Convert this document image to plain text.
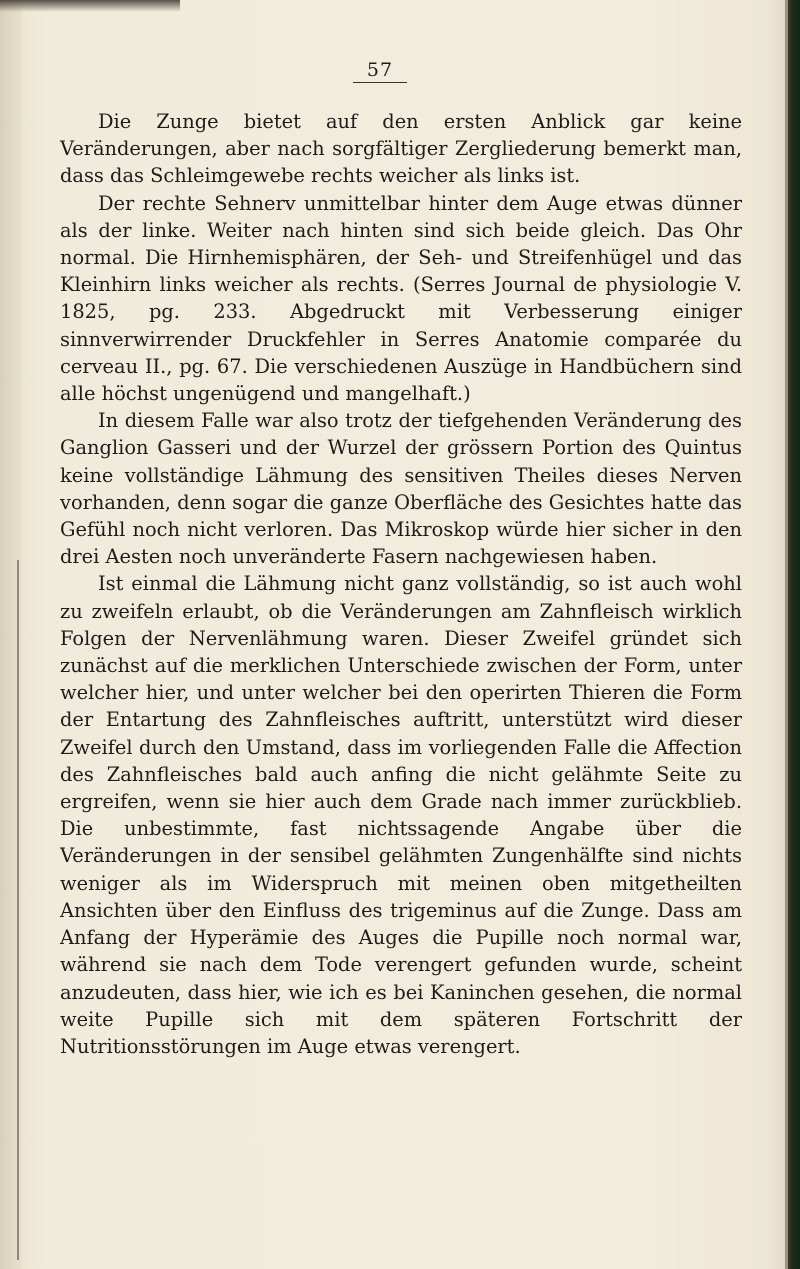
57

Die Zunge bietet auf den ersten Anblick gar keine Veränderungen, aber nach sorgfältiger Zergliederung bemerkt man, dass das Schleimgewebe rechts weicher als links ist.

Der rechte Sehnerv unmittelbar hinter dem Auge etwas dünner als der linke. Weiter nach hinten sind sich beide gleich. Das Ohr normal. Die Hirnhemisphären, der Seh- und Streifenhügel und das Kleinhirn links weicher als rechts. (Serres Journal de physiologie V. 1825, pg. 233. Abgedruckt mit Verbesserung einiger sinnverwirrender Druckfehler in Serres Anatomie comparée du cerveau II., pg. 67. Die verschiedenen Auszüge in Handbüchern sind alle höchst ungenügend und mangelhaft.)

In diesem Falle war also trotz der tiefgehenden Veränderung des Ganglion Gasseri und der Wurzel der grössern Portion des Quintus keine vollständige Lähmung des sensitiven Theiles dieses Nerven vorhanden, denn sogar die ganze Oberfläche des Gesichtes hatte das Gefühl noch nicht verloren. Das Mikroskop würde hier sicher in den drei Aesten noch unveränderte Fasern nachgewiesen haben.

Ist einmal die Lähmung nicht ganz vollständig, so ist auch wohl zu zweifeln erlaubt, ob die Veränderungen am Zahnfleisch wirklich Folgen der Nervenlähmung waren. Dieser Zweifel gründet sich zunächst auf die merklichen Unterschiede zwischen der Form, unter welcher hier, und unter welcher bei den operirten Thieren die Form der Entartung des Zahnfleisches auftritt, unterstützt wird dieser Zweifel durch den Umstand, dass im vorliegenden Falle die Affection des Zahnfleisches bald auch anfing die nicht gelähmte Seite zu ergreifen, wenn sie hier auch dem Grade nach immer zurückblieb. Die unbestimmte, fast nichtssagende Angabe über die Veränderungen in der sensibel gelähmten Zungenhälfte sind nichts weniger als im Widerspruch mit meinen oben mitgetheilten Ansichten über den Einfluss des trigeminus auf die Zunge. Dass am Anfang der Hyperämie des Auges die Pupille noch normal war, während sie nach dem Tode verengert gefunden wurde, scheint anzudeuten, dass hier, wie ich es bei Kaninchen gesehen, die normal weite Pupille sich mit dem späteren Fortschritt der Nutritionsstörungen im Auge etwas verengert.
